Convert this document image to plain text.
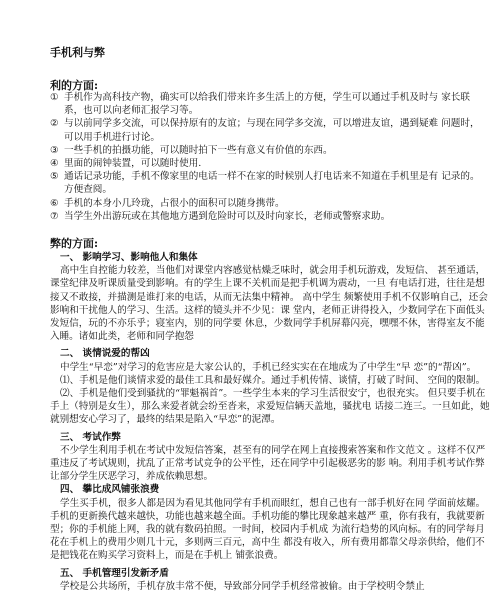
手机利与弊
利的方面:
① 手机作为高科技产物，确实可以给我们带来许多生活上的方便，学生可以通过手机及时与 家长联系，也可以向老师汇报学习等。
② 与以前同学多交流，可以保持原有的友谊；与现在同学多交流，可以增进友谊，遇到疑难 问题时，可以用手机进行讨论。
③ 一些手机的拍摄功能，可以随时拍下一些有意义有价值的东西。
④ 里面的闹钟装置，可以随时使用.
⑤ 通话记录功能，手机不像家里的电话一样不在家的时候别人打电话来不知道在手机里是有 记录的。方便查阅。
⑥ 手机的本身小几玲珑，占很小的面积可以随身携带。
⑦ 当学生外出游玩或在其他地方遇到危险时可以及时向家长，老师或警察求助。
弊的方面:

一、 影响学习、影响他人和集体

高中生自控能力较差，当他们对课堂内容感觉枯燥乏味时，就会用手机玩游戏，发短信、 甚至通话，课堂纪律及听课质量受到影响。有的学生上课不关机而是把手机调为震动，一旦 有电话打进，往往是想接又不敢接，并描测是谁打来的电话，从而无法集中精神。 高中学生 频繁使用手机不仅影响自己，还会影响和干扰他人的学习、生活。这样的镜头并不少见：课 堂内，老师正讲得投入，少数同学在下面低头发短信，玩的不亦乐乎；寝室内，别的同学要 休息，少数同学手机屏幕闪亮，嘿嘿不休，害得室友不能入睡。诸如此类，老师和同学抱怨

二、 谈情说爱的帮凶

中学生“早恋”对学习的危害应是大家公认的，手机已经实实在在地成为了中学生“早 恋”的“帮凶”。

⑴、手机是他们谈情求爱的最佳工具和最好媒介。通过手机传情、谈情，打破了时间、 空间的限制。

⑵、手机是他们受到骚扰的“罪魁祸首”。一些学生本来的学习生活很安宁，也很充实。 但只要手机在手上（特别是女生），那么来爱者就会纷至沓来，求爱短信辆天盖地，骚扰电 话接二连三。一旦如此，她就别想安心学习了，最终的结果是陷入“早恋”的泥潭。

三、 考试作弊

不少学生利用手机在考试中发短信答案，甚至有的同学在网上直接搜索答案和作文范文 。这样不仅严重违反了考试规则，扰乱了正常考试竞争的公平性，还在同学中引起极恶劣的影 响。利用手机考试作弊让部分学生厌恶学习，养成依赖思想。

四、 攀比成风铺张浪费

学生买手机，很多人都是因为看见其他同学有手机而眼红，想自己也有一部手机好在同 学面前炫耀。手机的更新换代越来越快，功能也越来越全面。手机功能的攀比现象越来越严 重，你有我有，我就要新型；你的手机能上网，我的就有数码拍照。一时间，校园内手机成 为流行趋势的风向标。有的同学每月花在手机上的费用少则几十元，多则两三百元，高中生 都没有收入，所有费用都靠父母亲供给，他们不是把钱花在购买学习资料上，而是在手机上 铺张浪费。

五、 手机管理引发新矛盾

学校是公共场所，手机存放丰常不便，导致部分同学手机经常被偷。由于学校明令禁止
